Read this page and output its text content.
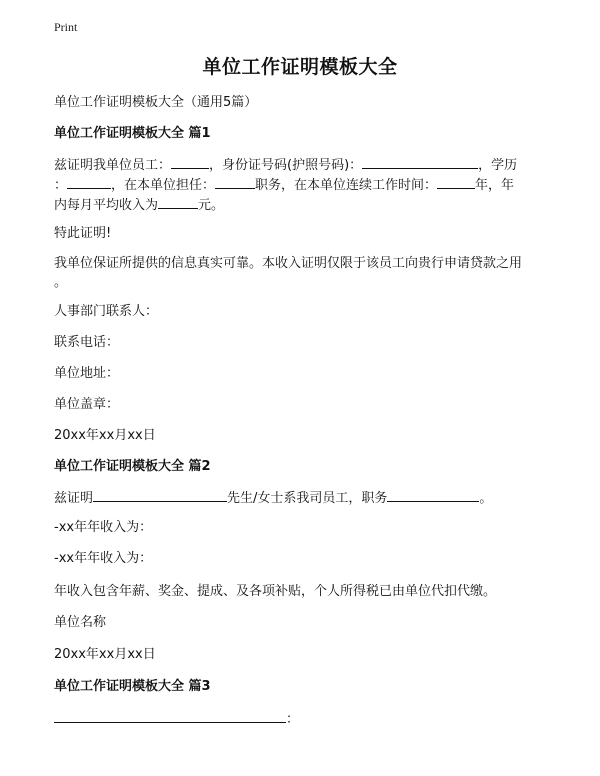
Print
单位工作证明模板大全
单位工作证明模板大全（通用5篇）
单位工作证明模板大全 篇1
兹证明我单位员工：	，身份证号码(护照号码)：	，学历
：	，在本单位担任：	职务，在本单位连续工作时间：	年，年
内每月平均收入为	元。
特此证明!
我单位保证所提供的信息真实可靠。本收入证明仅限于该员工向贵行申请贷款之用
。
人事部门联系人：
联系电话：
单位地址：
单位盖章：
20xx年xx月xx日
单位工作证明模板大全 篇2
兹证明	先生/女士系我司员工，职务	。
-xx年年收入为：
-xx年年收入为：
年收入包含年薪、奖金、提成、及各项补贴，个人所得税已由单位代扣代缴。
单位名称
20xx年xx月xx日
单位工作证明模板大全 篇3
：
